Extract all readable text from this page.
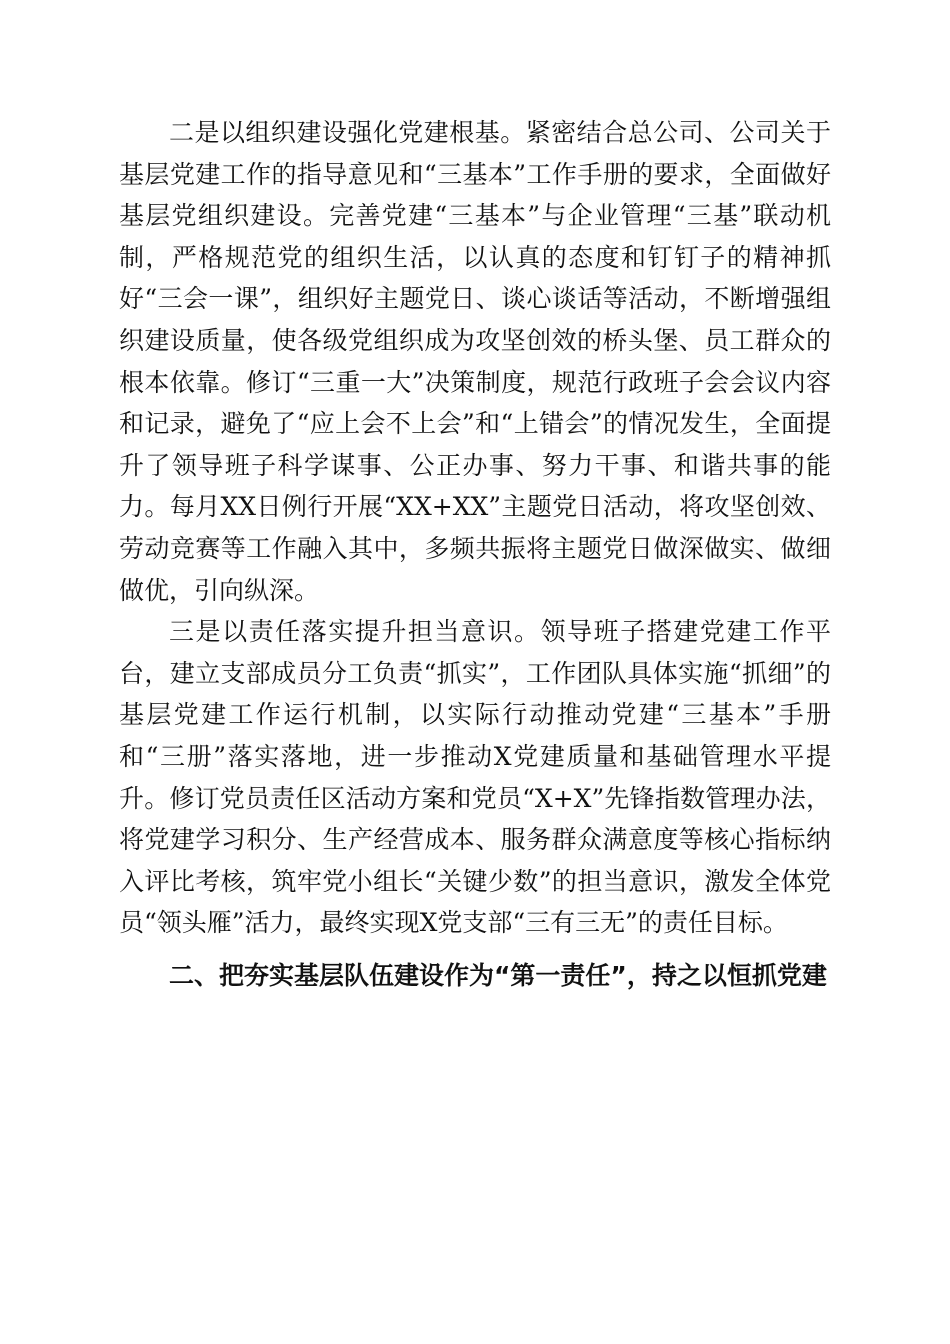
二是以组织建设强化党建根基。紧密结合总公司、公司关于基层党建工作的指导意见和“三基本”工作手册的要求，全面做好基层党组织建设。完善党建“三基本”与企业管理“三基”联动机制，严格规范党的组织生活，以认真的态度和钉钉子的精神抓好“三会一课”，组织好主题党日、谈心谈话等活动，不断增强组织建设质量，使各级党组织成为攻坚创效的桥头堡、员工群众的根本依靠。修订“三重一大”决策制度，规范行政班子会会议内容和记录，避免了“应上会不上会”和“上错会”的情况发生，全面提升了领导班子科学谋事、公正办事、努力干事、和谐共事的能力。每月XX日例行开展“XX+XX”主题党日活动，将攻坚创效、劳动竞赛等工作融入其中，多频共振将主题党日做深做实、做细做优，引向纵深。

三是以责任落实提升担当意识。领导班子搭建党建工作平台，建立支部成员分工负责“抓实”，工作团队具体实施“抓细”的基层党建工作运行机制，以实际行动推动党建“三基本”手册和“三册”落实落地，进一步推动X党建质量和基础管理水平提升。修订党员责任区活动方案和党员“X+X”先锋指数管理办法，将党建学习积分、生产经营成本、服务群众满意度等核心指标纳入评比考核，筑牢党小组长“关键少数”的担当意识，激发全体党员“领头雁”活力，最终实现X党支部“三有三无”的责任目标。

二、把夯实基层队伍建设作为“第一责任”，持之以恒抓党建
